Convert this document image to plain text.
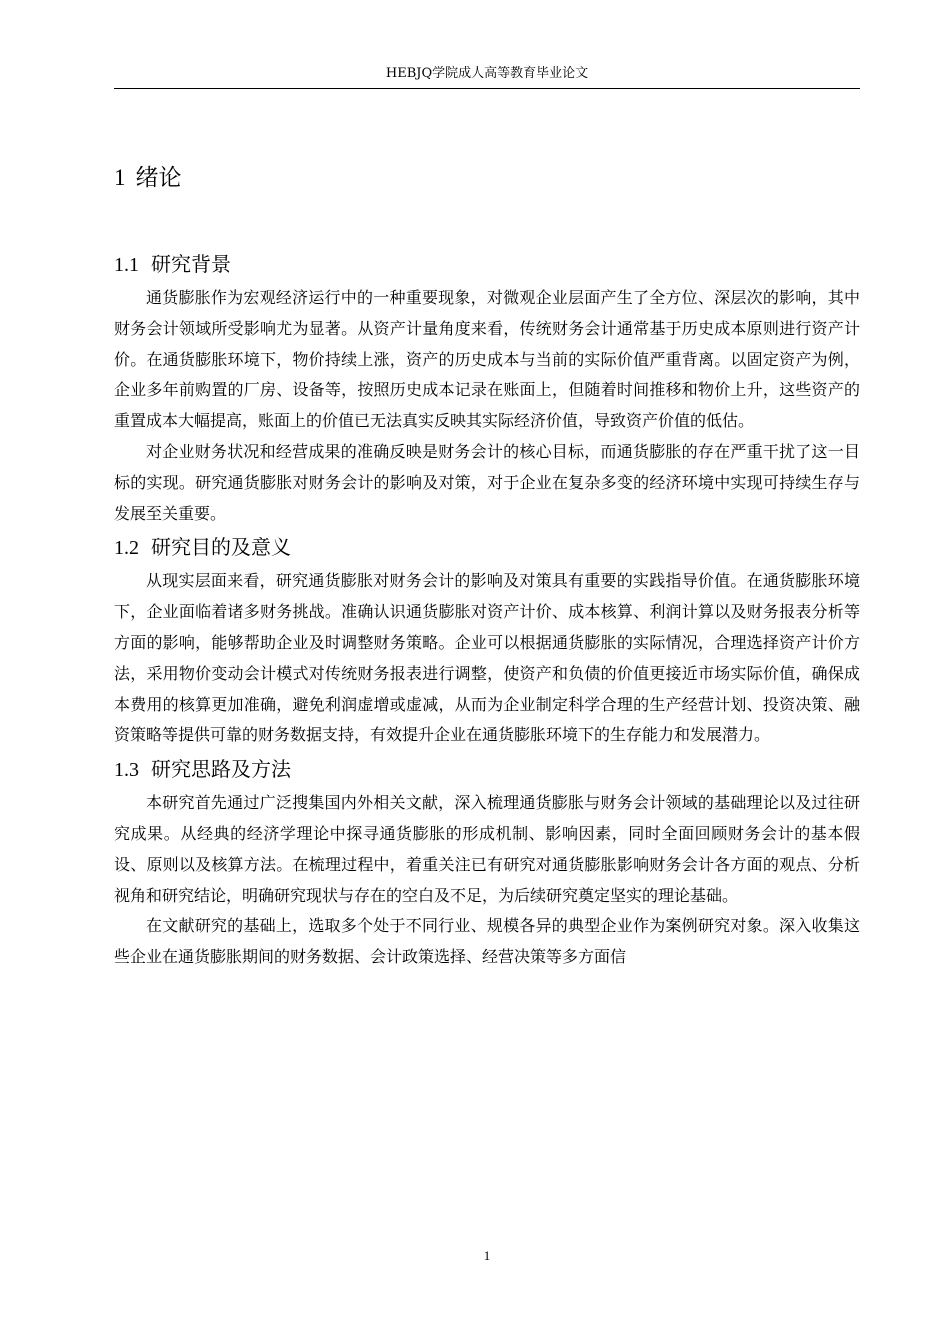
HEBJQ学院成人高等教育毕业论文
1 绪论
1.1 研究背景

通货膨胀作为宏观经济运行中的一种重要现象，对微观企业层面产生了全方位、深层次的影响，其中财务会计领域所受影响尤为显著。从资产计量角度来看，传统财务会计通常基于历史成本原则进行资产计价。在通货膨胀环境下，物价持续上涨，资产的历史成本与当前的实际价值严重背离。以固定资产为例，企业多年前购置的厂房、设备等，按照历史成本记录在账面上，但随着时间推移和物价上升，这些资产的重置成本大幅提高，账面上的价值已无法真实反映其实际经济价值，导致资产价值的低估。

对企业财务状况和经营成果的准确反映是财务会计的核心目标，而通货膨胀的存在严重干扰了这一目标的实现。研究通货膨胀对财务会计的影响及对策，对于企业在复杂多变的经济环境中实现可持续生存与发展至关重要。

1.2 研究目的及意义

从现实层面来看，研究通货膨胀对财务会计的影响及对策具有重要的实践指导价值。在通货膨胀环境下，企业面临着诸多财务挑战。准确认识通货膨胀对资产计价、成本核算、利润计算以及财务报表分析等方面的影响，能够帮助企业及时调整财务策略。企业可以根据通货膨胀的实际情况，合理选择资产计价方法，采用物价变动会计模式对传统财务报表进行调整，使资产和负债的价值更接近市场实际价值，确保成本费用的核算更加准确，避免利润虚增或虚减，从而为企业制定科学合理的生产经营计划、投资决策、融资策略等提供可靠的财务数据支持，有效提升企业在通货膨胀环境下的生存能力和发展潜力。

1.3 研究思路及方法

本研究首先通过广泛搜集国内外相关文献，深入梳理通货膨胀与财务会计领域的基础理论以及过往研究成果。从经典的经济学理论中探寻通货膨胀的形成机制、影响因素，同时全面回顾财务会计的基本假设、原则以及核算方法。在梳理过程中，着重关注已有研究对通货膨胀影响财务会计各方面的观点、分析视角和研究结论，明确研究现状与存在的空白及不足，为后续研究奠定坚实的理论基础。

在文献研究的基础上，选取多个处于不同行业、规模各异的典型企业作为案例研究对象。深入收集这些企业在通货膨胀期间的财务数据、会计政策选择、经营决策等多方面信

1
